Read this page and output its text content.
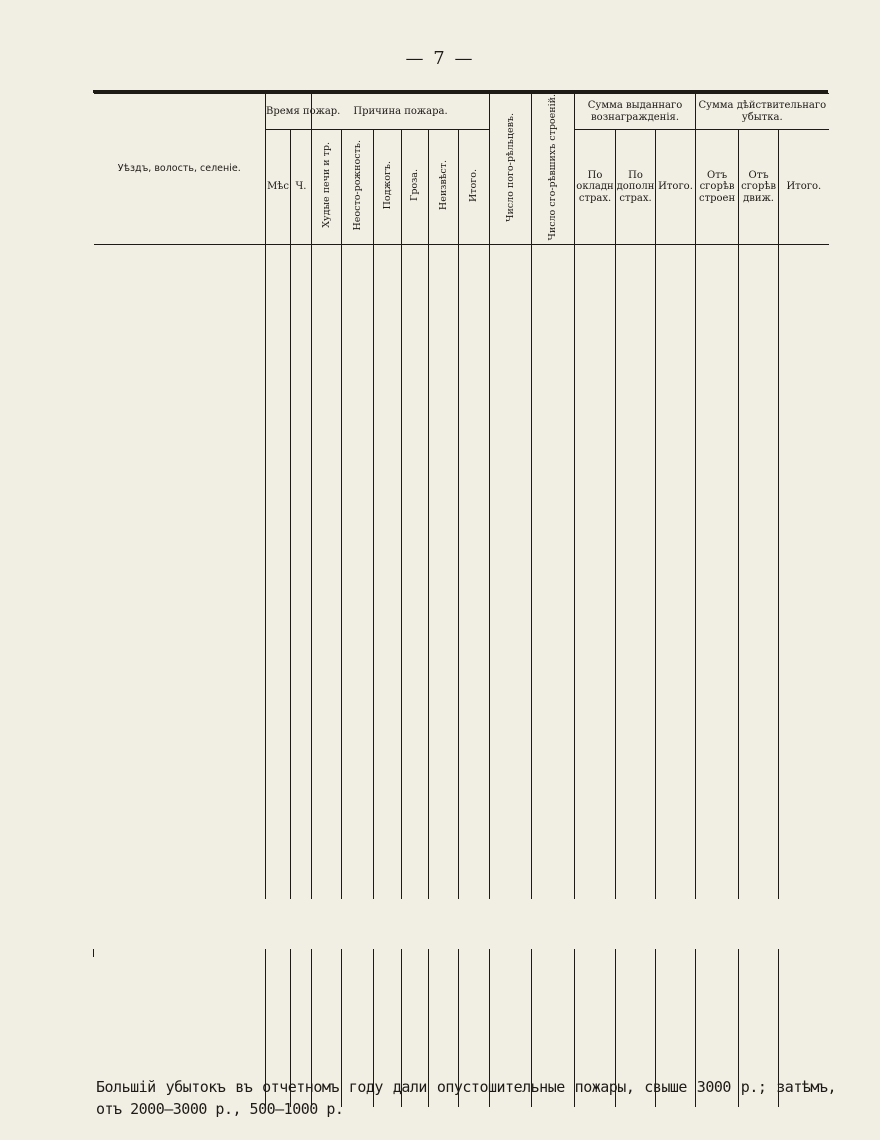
— 7 —
Уѣздъ, волость, селеніе.	Время пожар.		Причина пожара.						Число пого-рѣльцевъ.	Число сго-рѣвшихъ строеній.	Сумма выданнаго вознагражденія.			Сумма дѣйствительнаго убытка.		
	Мѣс	Ч.	Худые печи и тр.	Неосто-рожность.	Поджогъ.	Гроза.	Неизвѣст.	Итого.			По окладн страх.	По дополн страх.	Итого.	Отъ сгорѣв строен	Отъ сгорѣв движ.	Итого.

Большій убытокъ въ отчетномъ году дали опустошительные пожары, свыше 3000 р.; затѣмъ, отъ 2000—3000 р., 500—1000 р.
